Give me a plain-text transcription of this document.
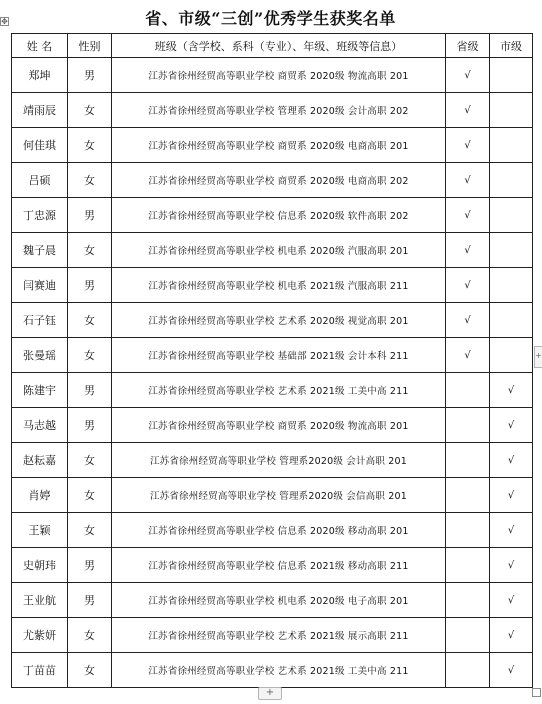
✥	省、市级“三创”优秀学生获奖名单
姓 名	性别	班级（含学校、系科（专业）、年级、班级等信息）	省级	市级
郑坤	男	江苏省徐州经贸高等职业学校 商贸系 2020级 物流高职 201	√	
靖雨辰	女	江苏省徐州经贸高等职业学校 管理系 2020级 会计高职 202	√	
何佳琪	女	江苏省徐州经贸高等职业学校 商贸系 2020级 电商高职 201	√	
吕硕	女	江苏省徐州经贸高等职业学校 商贸系 2020级 电商高职 202	√	
丁忠源	男	江苏省徐州经贸高等职业学校 信息系 2020级 软件高职 202	√	
魏子晨	女	江苏省徐州经贸高等职业学校 机电系 2020级 汽服高职 201	√	
闫赛迪	男	江苏省徐州经贸高等职业学校 机电系 2021级 汽服高职 211	√	
石子钰	女	江苏省徐州经贸高等职业学校 艺术系 2020级 视觉高职 201	√	
张曼瑶	女	江苏省徐州经贸高等职业学校 基础部 2021级 会计本科 211	√	
陈建宇	男	江苏省徐州经贸高等职业学校 艺术系 2021级 工美中高 211		√
马志越	男	江苏省徐州经贸高等职业学校 商贸系 2020级 物流高职 201		√
赵耘嘉	女	江苏省徐州经贸高等职业学校 管理系2020级 会计高职 201		√
肖婷	女	江苏省徐州经贸高等职业学校 管理系2020级 会信高职 201		√
王颖	女	江苏省徐州经贸高等职业学校 信息系 2020级 移动高职 201		√
史朝玮	男	江苏省徐州经贸高等职业学校 信息系 2021级 移动高职 211		√
王业航	男	江苏省徐州经贸高等职业学校 机电系 2020级 电子高职 201		√
尤紫妍	女	江苏省徐州经贸高等职业学校 艺术系 2021级 展示高职 211		√
丁苗苗	女	江苏省徐州经贸高等职业学校 艺术系 2021级 工美中高 211		√
+
+
